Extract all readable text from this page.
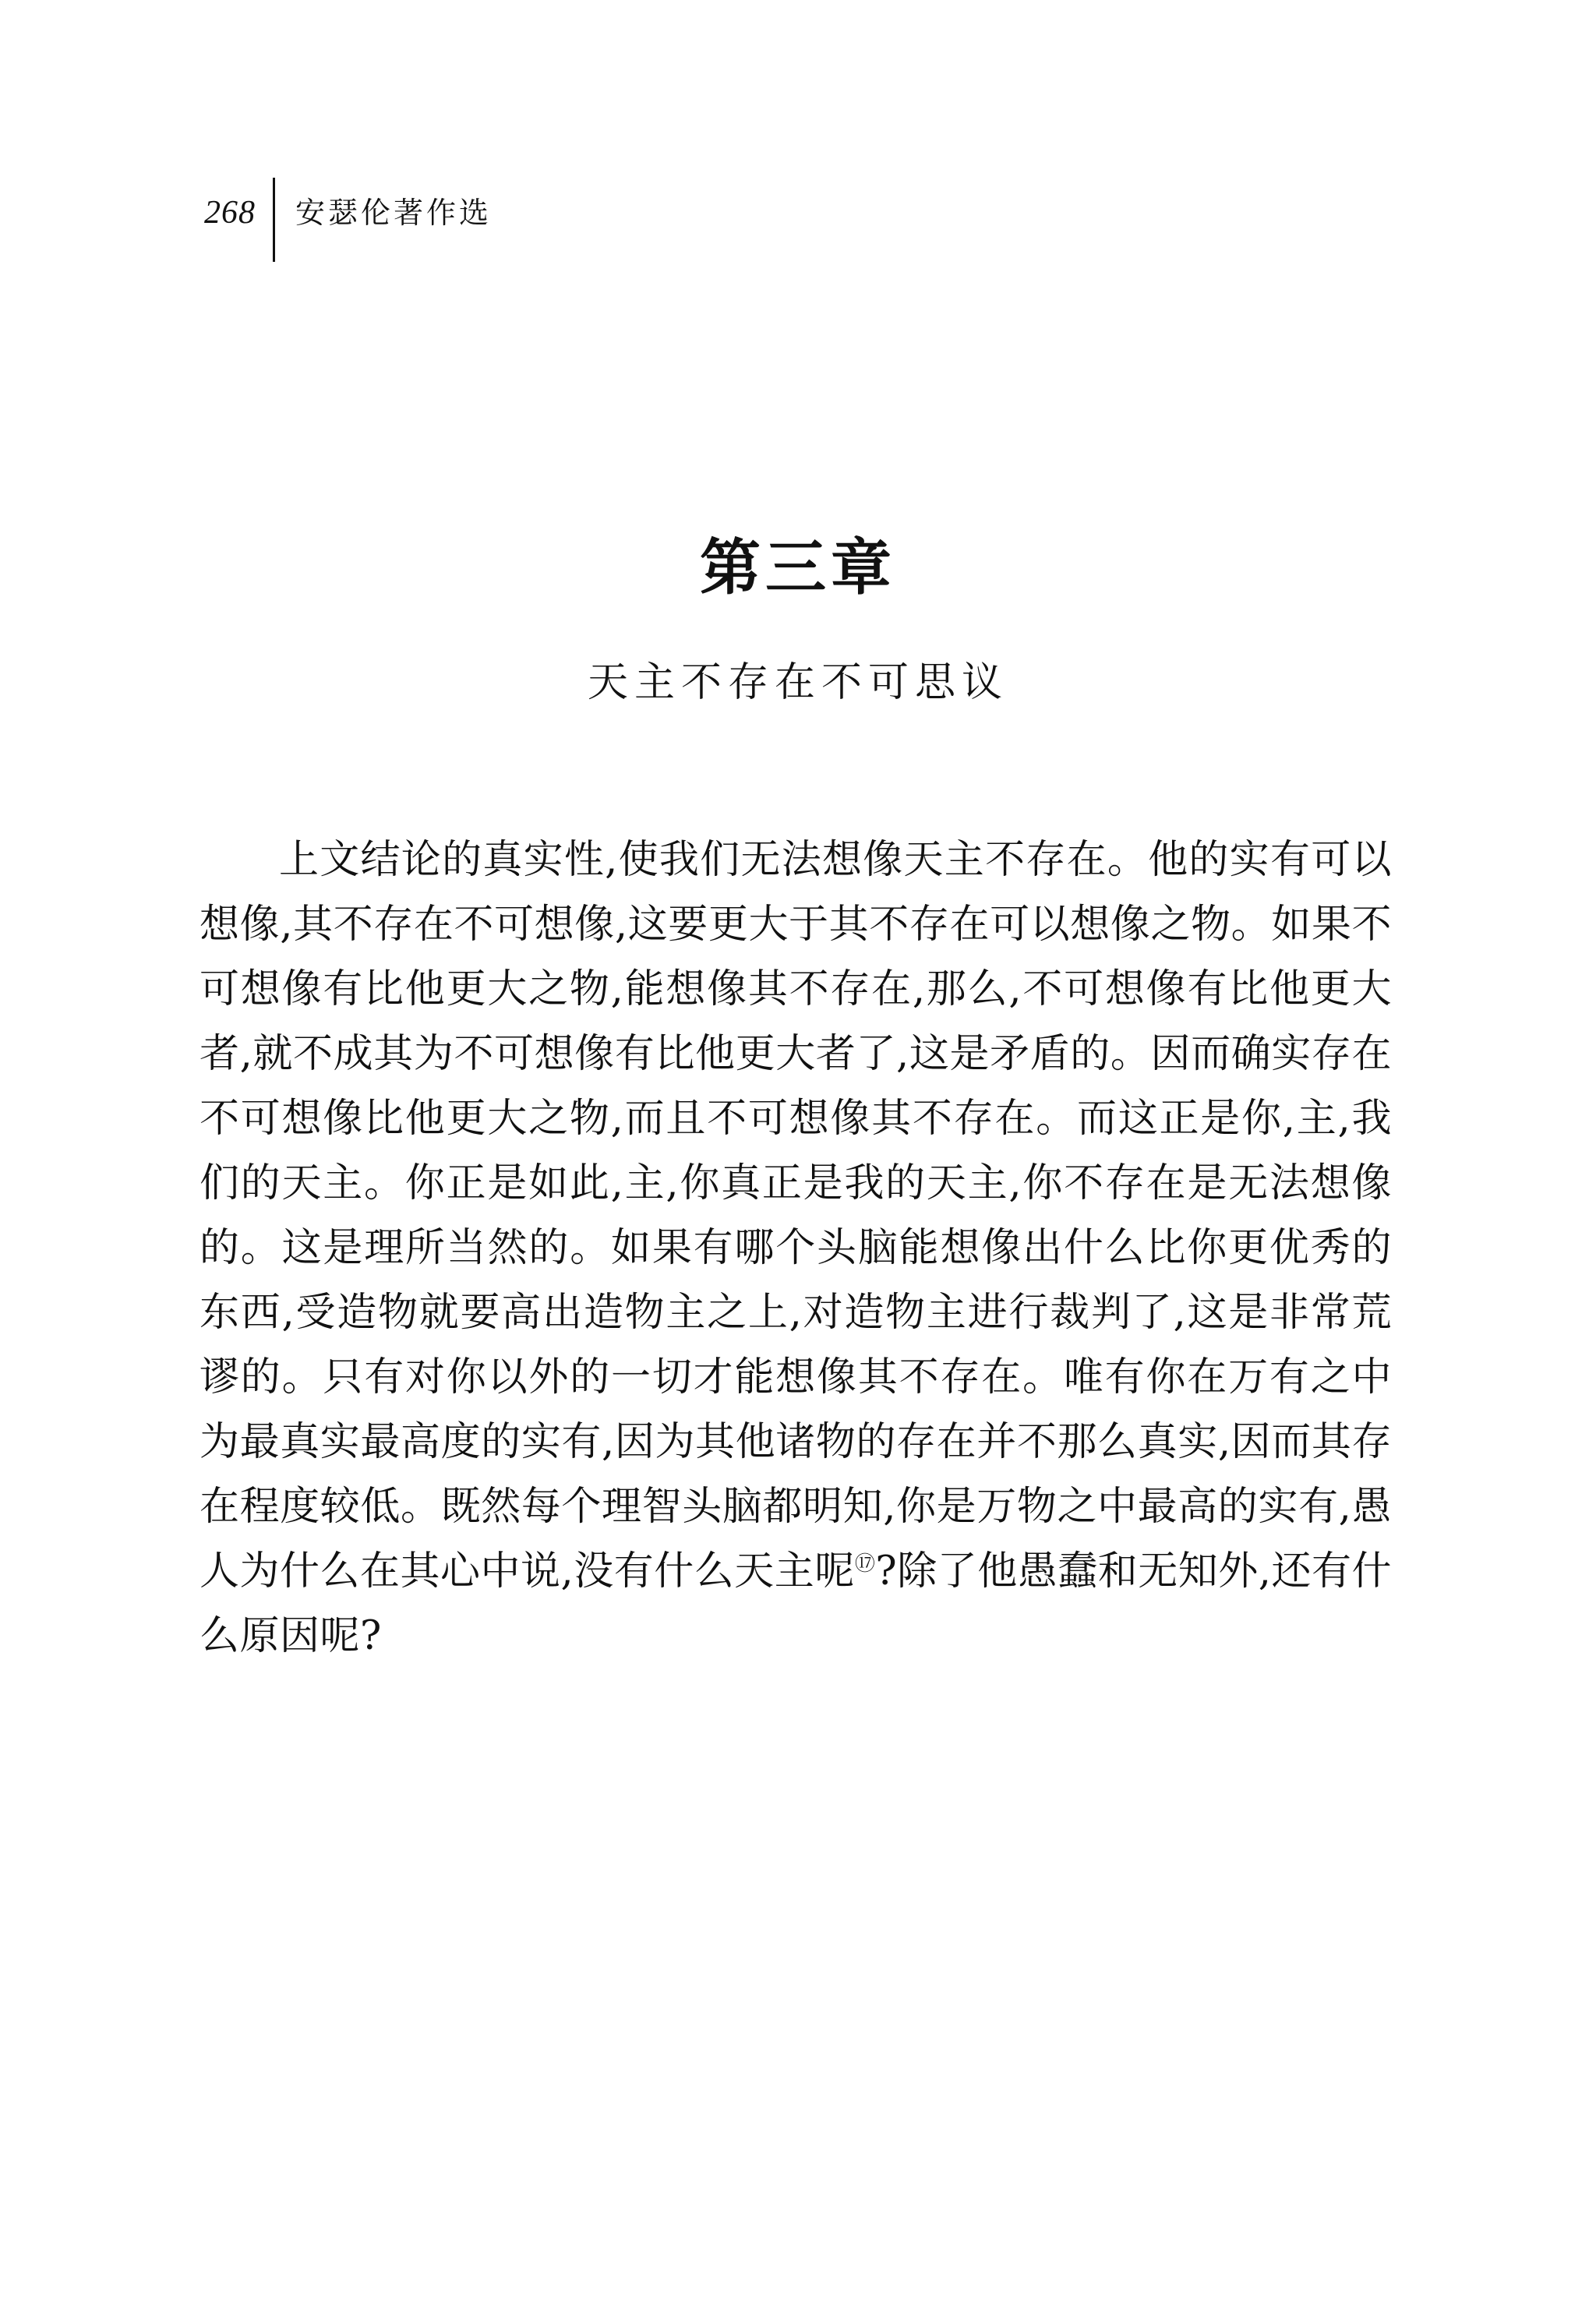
268 安瑟伦著作选
第三章
天主不存在不可思议

上文结论的真实性,使我们无法想像天主不存在。他的实有可以想像,其不存在不可想像,这要更大于其不存在可以想像之物。如果不可想像有比他更大之物,能想像其不存在,那么,不可想像有比他更大者,就不成其为不可想像有比他更大者了,这是矛盾的。因而确实存在不可想像比他更大之物,而且不可想像其不存在。而这正是你,主,我们的天主。你正是如此,主,你真正是我的天主,你不存在是无法想像的。这是理所当然的。如果有哪个头脑能想像出什么比你更优秀的东西,受造物就要高出造物主之上,对造物主进行裁判了,这是非常荒谬的。只有对你以外的一切才能想像其不存在。唯有你在万有之中为最真实最高度的实有,因为其他诸物的存在并不那么真实,因而其存在程度较低。既然每个理智头脑都明知,你是万物之中最高的实有,愚人为什么在其心中说,没有什么天主呢⑰?除了他愚蠢和无知外,还有什么原因呢?
